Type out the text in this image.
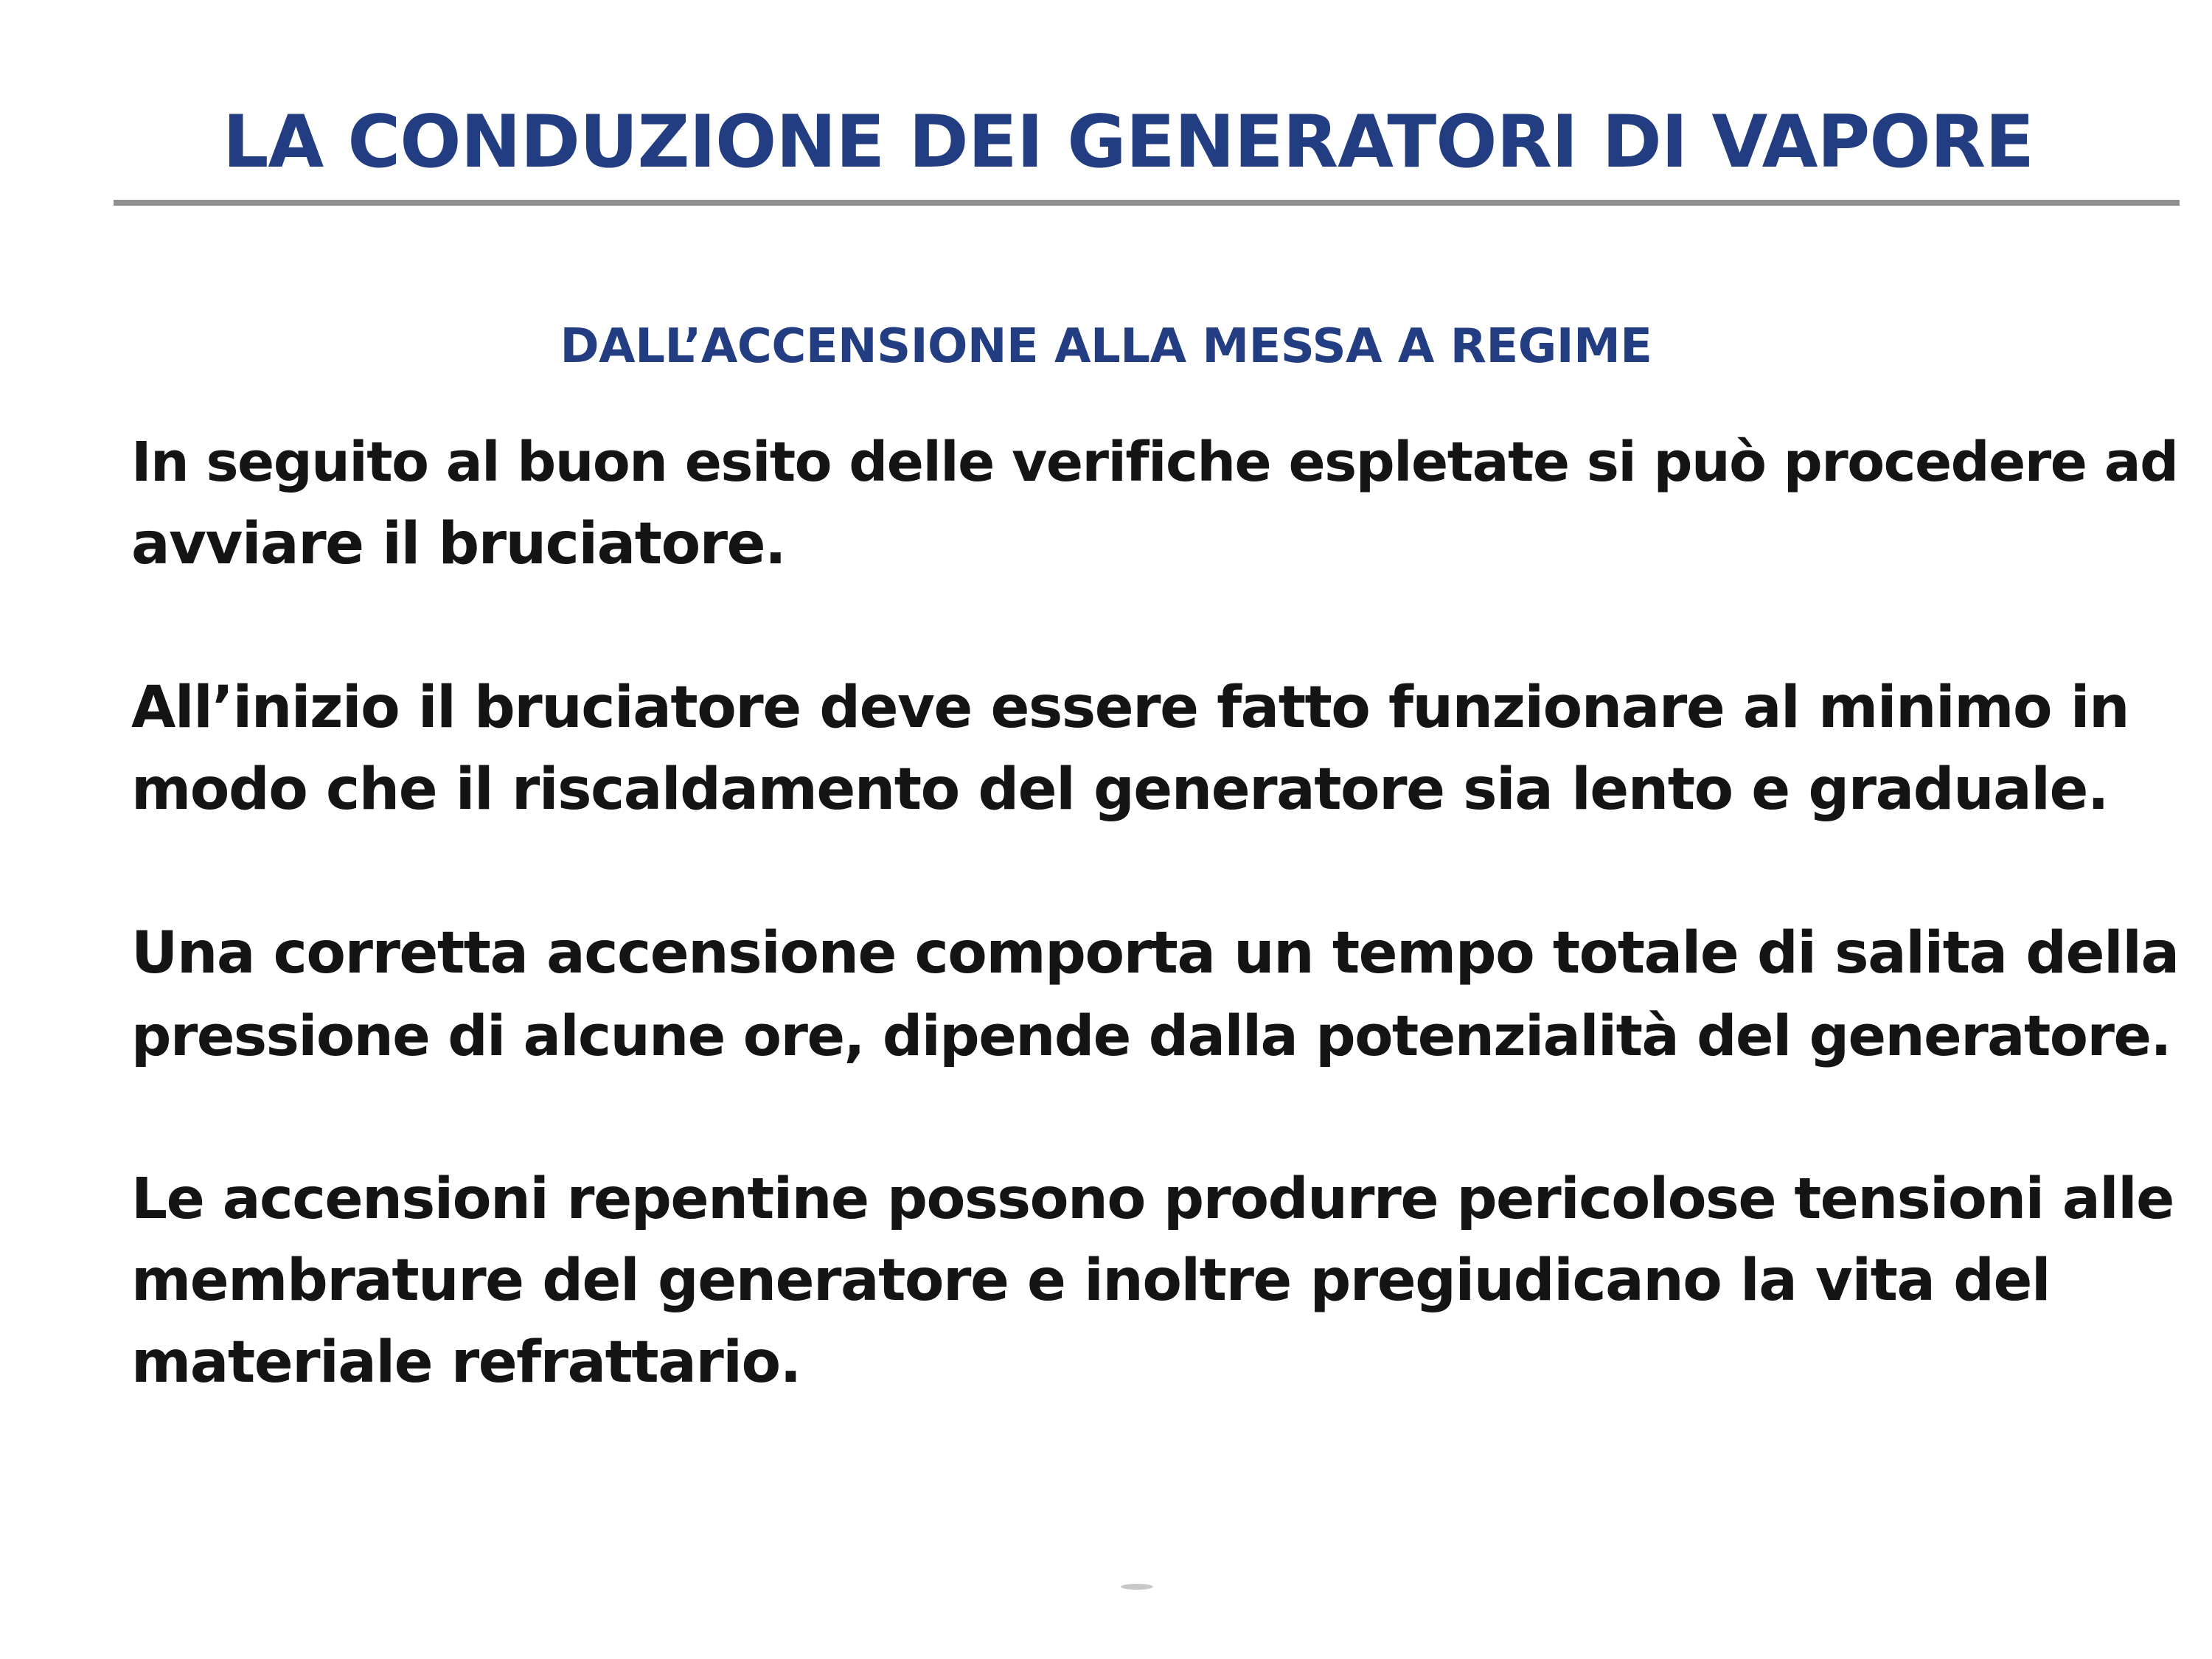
LA CONDUZIONE DEI GENERATORI DI VAPORE
DALL’ACCENSIONE ALLA MESSA A REGIME

In seguito al buon esito delle verifiche espletate si può procedere ad
avviare il bruciatore.

All’inizio il bruciatore deve essere fatto funzionare al minimo in
modo che il riscaldamento del generatore sia lento e graduale.

Una corretta accensione comporta un tempo totale di salita della
pressione di alcune ore, dipende dalla potenzialità del generatore.

Le accensioni repentine possono produrre pericolose tensioni alle
membrature del generatore e inoltre pregiudicano la vita del
materiale refrattario.
